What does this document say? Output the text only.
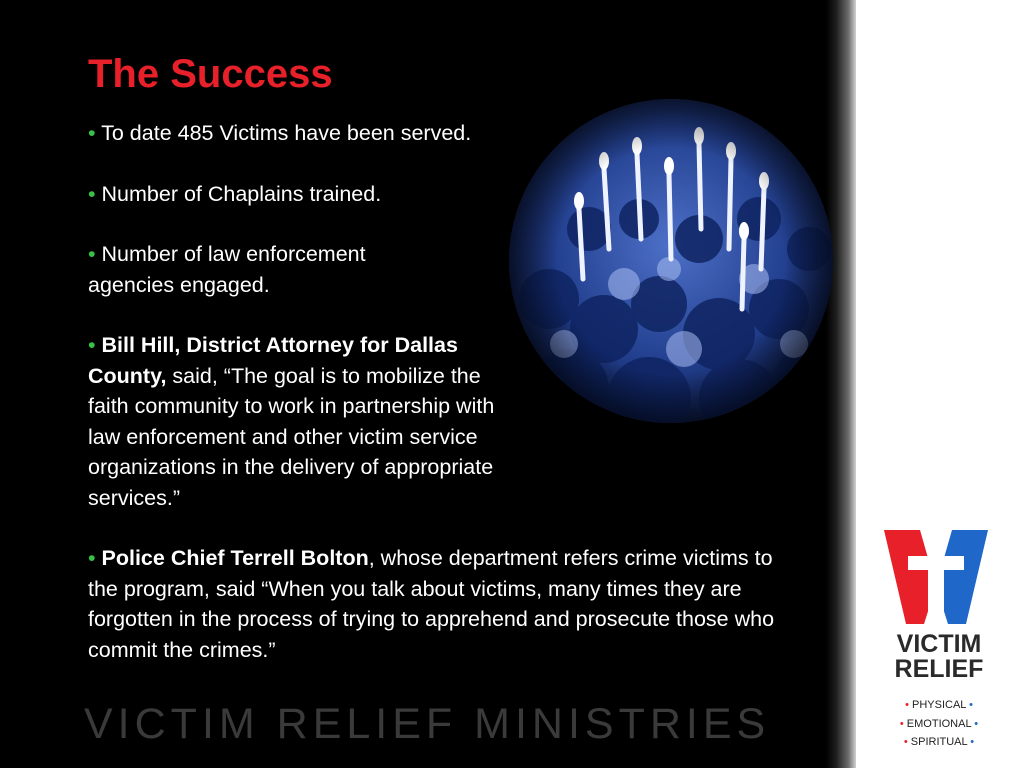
The Success
• To date 485 Victims have been served.
• Number of Chaplains trained.
• Number of law enforcement agencies engaged.
• Bill Hill, District Attorney for Dallas County, said, “The goal is to mobilize the faith community to work in partnership with law enforcement and other victim service organizations in the delivery of appropriate services.”
• Police Chief Terrell Bolton, whose department refers crime victims to the program, said “When you talk about victims, many times they are forgotten in the process of trying to apprehend and prosecute those who commit the crimes.”
VICTIM RELIEF MINISTRIES
VICTIM
RELIEF
• PHYSICAL •
• EMOTIONAL •
• SPIRITUAL •
